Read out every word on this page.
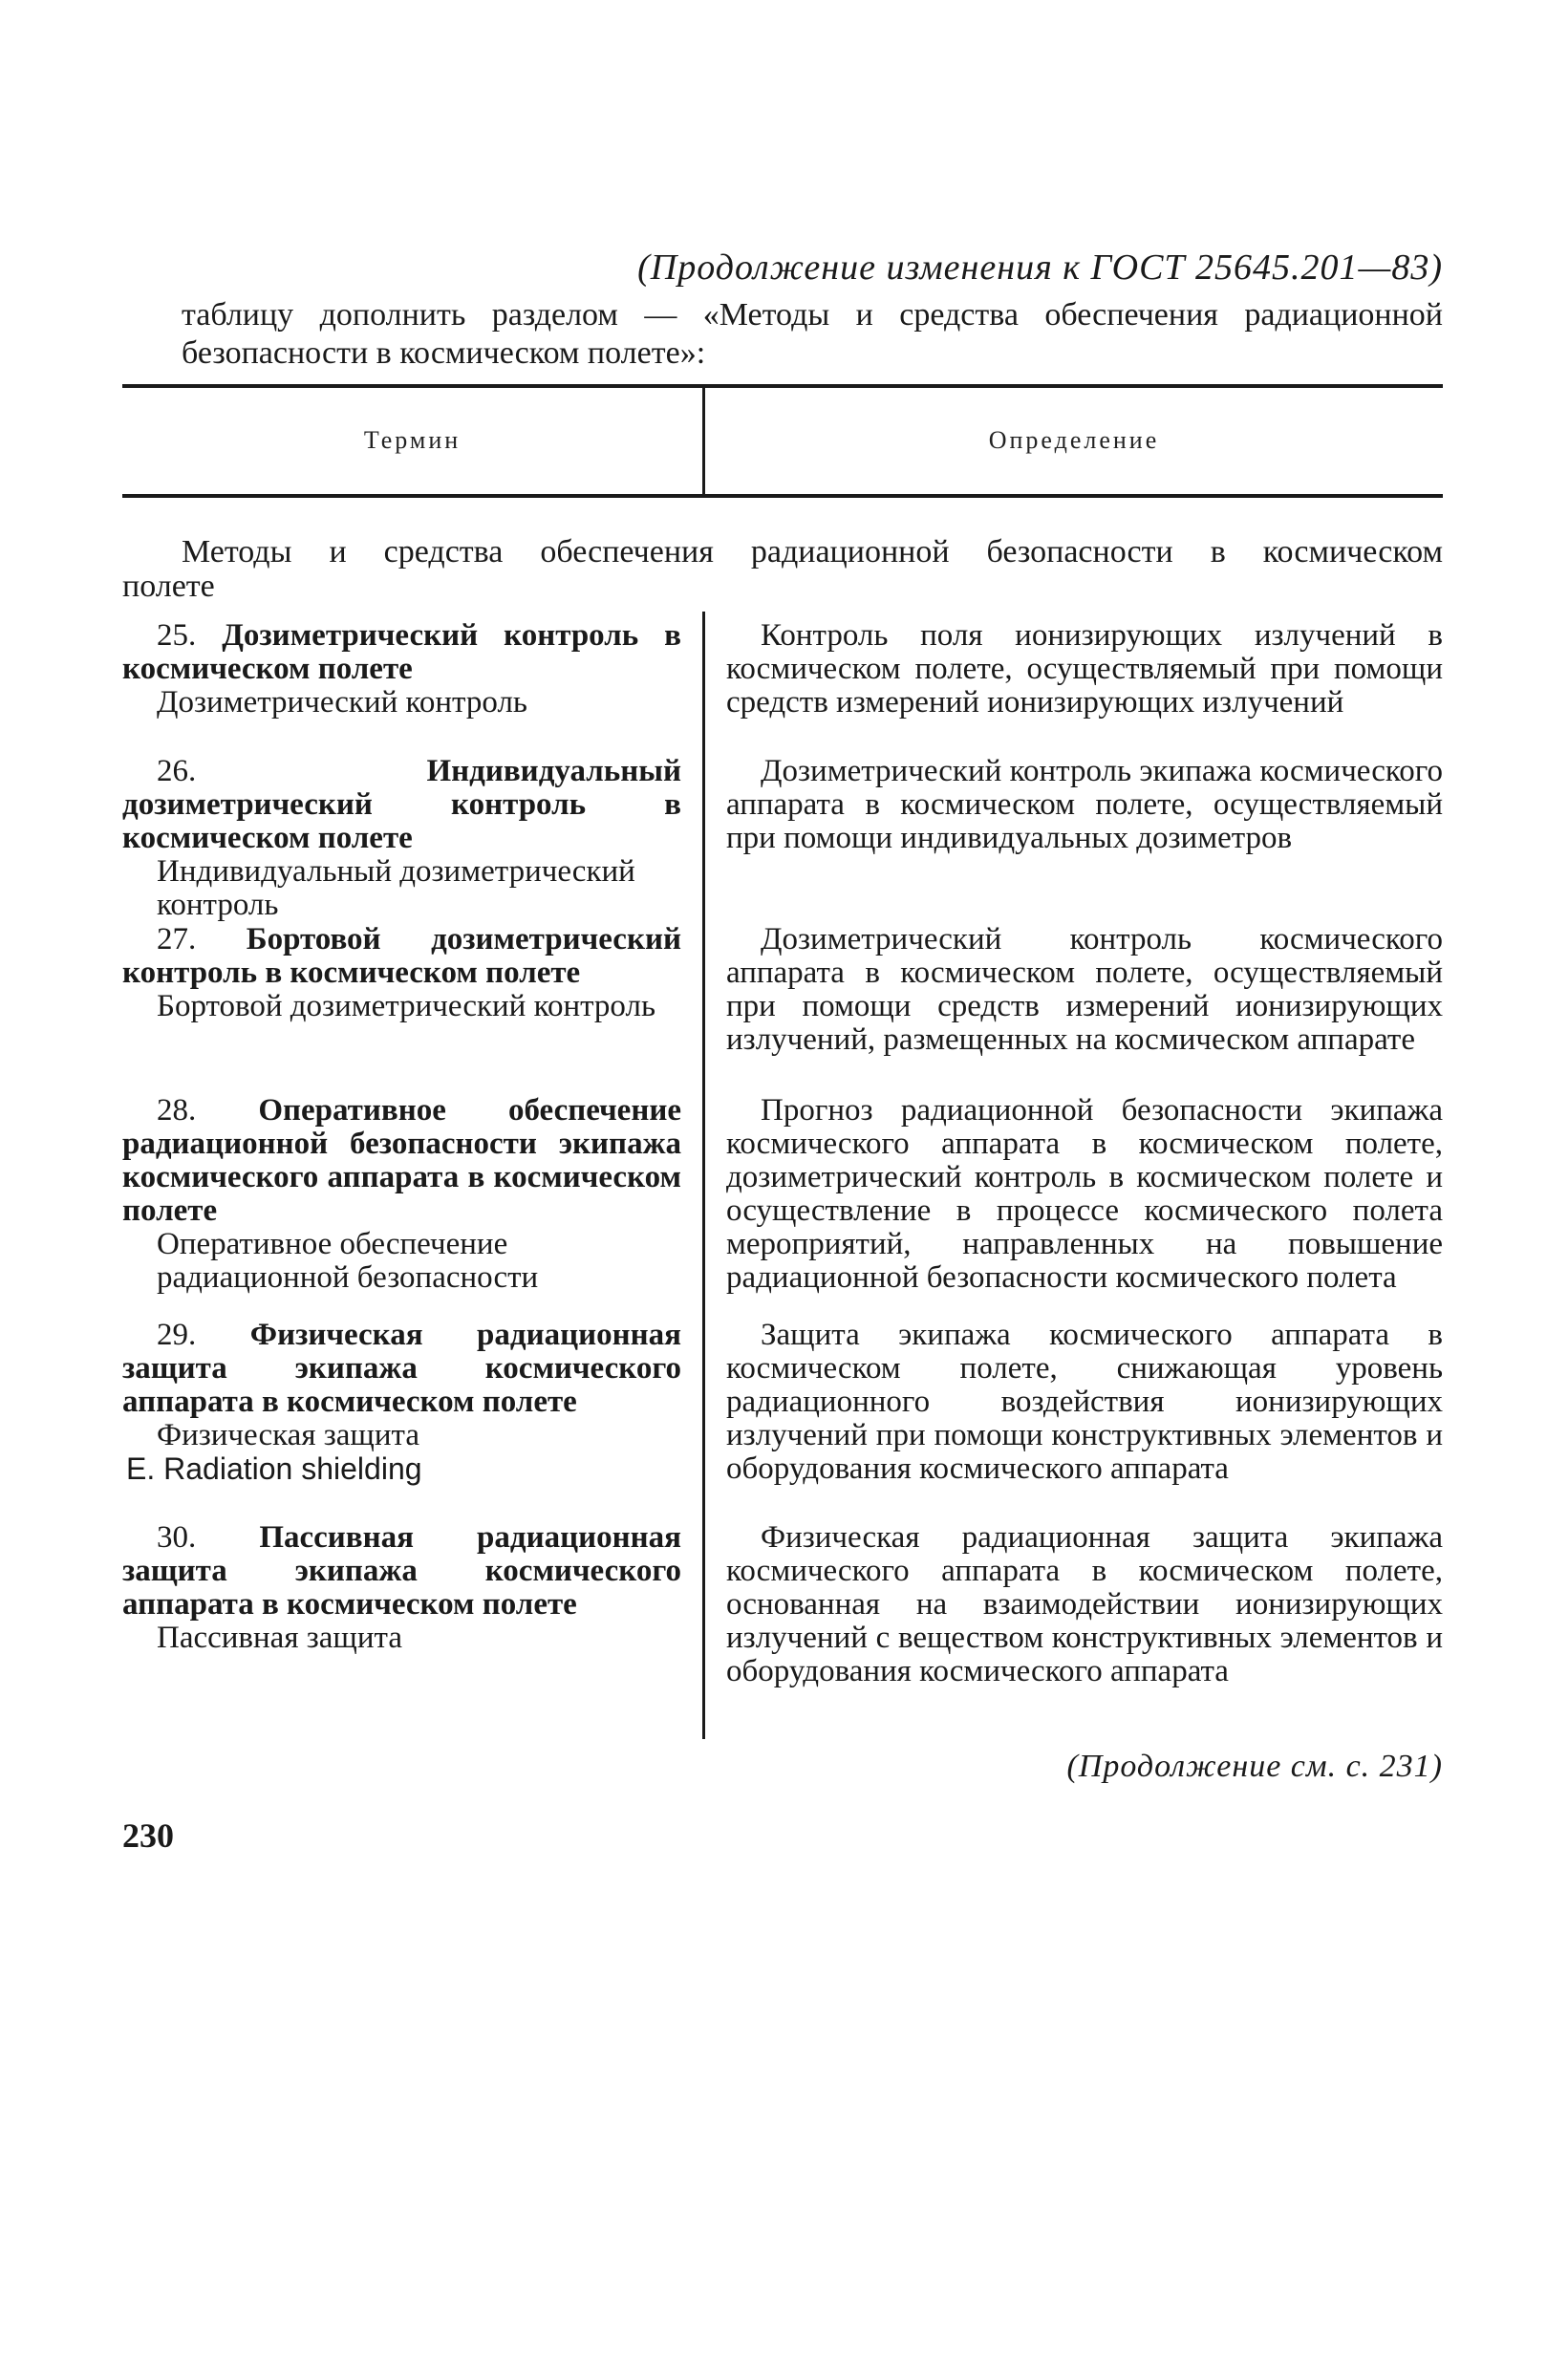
(Продолжение изменения к ГОСТ 25645.201—83)
таблицу дополнить разделом — «Методы и средства обеспечения радиационной безопасности в космическом полете»:
Термин	Определение
Методы и средства обеспечения радиационной безопасности в космическом
полете
25. Дозиметрический контроль в космическом полете
Дозиметрический контроль
Контроль поля ионизирующих излучений в космическом полете, осуществляемый при помощи средств измерений ионизирующих излучений
26.	Индивидуальный дозиметрический контроль в космическом полете
Индивидуальный дозиметрический контроль
Дозиметрический контроль экипажа космического аппарата в космическом полете, осуществляемый при помощи индивидуальных дозиметров
27. Бортовой дозиметрический контроль в космическом полете
Бортовой дозиметрический контроль
Дозиметрический контроль космического аппарата в космическом полете, осуществляемый при помощи средств измерений ионизирующих излучений, размещенных на космическом аппарате
28. Оперативное обеспечение радиационной безопасности экипажа космического аппарата в космическом полете
Оперативное обеспечение радиационной безопасности
Прогноз радиационной безопасности экипажа космического аппарата в космическом полете, дозиметрический контроль в космическом полете и осуществление в процессе космического полета мероприятий, направленных на повышение радиационной безопасности космического полета
29. Физическая радиационная защита экипажа космического аппарата в космическом полете
Физическая защита
E. Radiation shielding
Защита экипажа космического аппарата в космическом полете, снижающая уровень радиационного воздействия ионизирующих излучений при помощи конструктивных элементов и оборудования космического аппарата
30. Пассивная радиационная защита экипажа космического аппарата в космическом полете
Пассивная защита
Физическая радиационная защита экипажа космического аппарата в космическом полете, основанная на взаимодействии ионизирующих излучений с веществом конструктивных элементов и оборудования космического аппарата
(Продолжение см. с. 231)
230
